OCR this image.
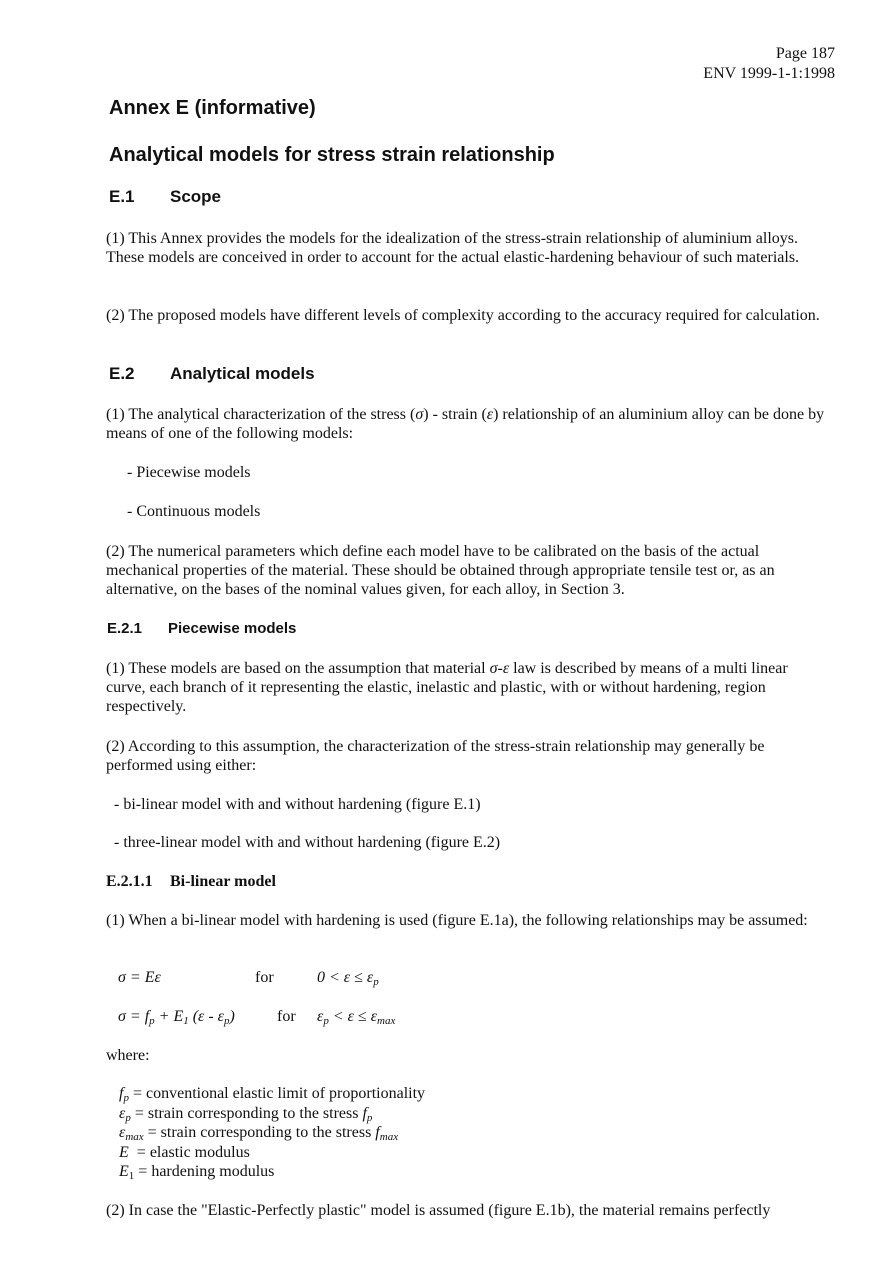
Page 187
ENV 1999-1-1:1998
Annex E (informative)
Analytical models for stress strain relationship
E.1 Scope
(1) This Annex provides the models for the idealization of the stress-strain relationship of aluminium alloys. These models are conceived in order to account for the actual elastic-hardening behaviour of such materials.
(2) The proposed models have different levels of complexity according to the accuracy required for calculation.
E.2 Analytical models
(1) The analytical characterization of the stress (σ) - strain (ε) relationship of an aluminium alloy can be done by means of one of the following models:
- Piecewise models
- Continuous models
(2) The numerical parameters which define each model have to be calibrated on the basis of the actual mechanical properties of the material. These should be obtained through appropriate tensile test or, as an alternative, on the bases of the nominal values given, for each alloy, in Section 3.
E.2.1 Piecewise models
(1) These models are based on the assumption that material σ-ε law is described by means of a multi linear curve, each branch of it representing the elastic, inelastic and plastic, with or without hardening, region respectively.
(2) According to this assumption, the characterization of the stress-strain relationship may generally be performed using either:
- bi-linear model with and without hardening (figure E.1)
- three-linear model with and without hardening (figure E.2)
E.2.1.1 Bi-linear model
(1) When a bi-linear model with hardening is used (figure E.1a), the following relationships may be assumed:
σ = Eε	for	$0 < \varepsilon \le \varepsilon_p$
$\sigma = f_p + E_1$ $(\varepsilon - \varepsilon_p)$	for $\varepsilon_p < \varepsilon \le \varepsilon_{max}$
where:
$f_p$ = conventional elastic limit of proportionality
$\varepsilon_p$ = strain corresponding to the stress $f_p$
$\varepsilon_{max}$ = strain corresponding to the stress $f_{max}$
E  = elastic modulus
$E_1$ = hardening modulus
(2) In case the "Elastic-Perfectly plastic" model is assumed (figure E.1b), the material remains perfectly
